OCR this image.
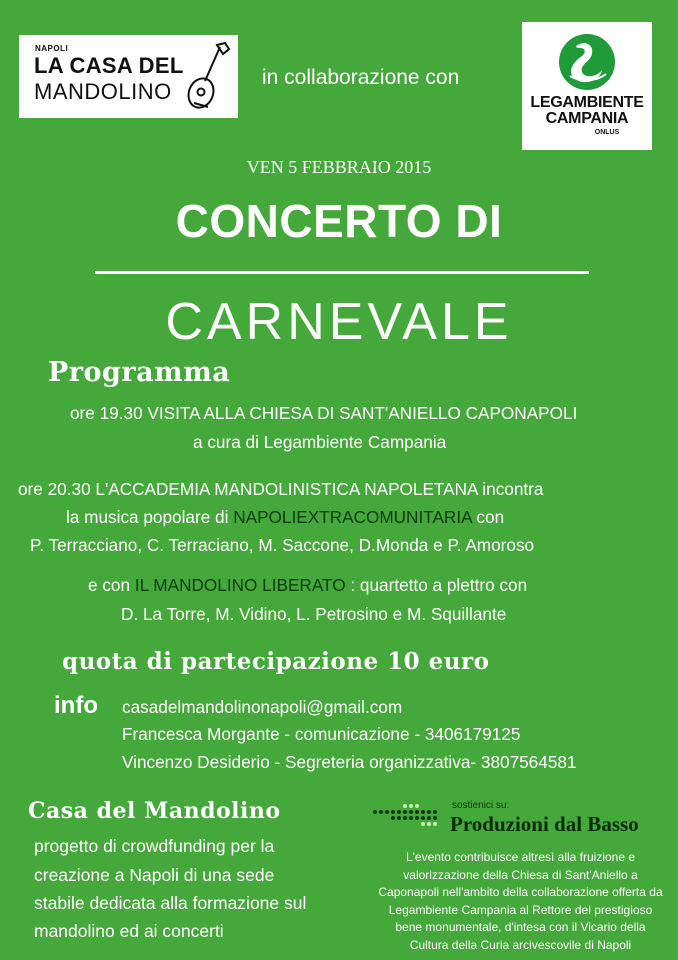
NAPOLI
LA CASA DEL
MANDOLINO
in collaborazione con
LEGAMBIENTE
CAMPANIA
ONLUS
VEN 5 FEBBRAIO 2015
CONCERTO DI
CARNEVALE
Programma
ore 19.30 VISITA ALLA CHIESA DI SANT'ANIELLO CAPONAPOLI
a cura di Legambiente Campania
ore 20.30 L'ACCADEMIA MANDOLINISTICA NAPOLETANA incontra
la musica popolare di NAPOLIEXTRACOMUNITARIA con
P. Terracciano, C. Terraciano, M. Saccone, D.Monda e P. Amoroso
e con IL MANDOLINO LIBERATO : quartetto a plettro con
D. La Torre, M. Vidino, L. Petrosino e M. Squillante
quota di partecipazione 10 euro
info casadelmandolinonapoli@gmail.com
Francesca Morgante - comunicazione - 3406179125
Vincenzo Desiderio - Segreteria organizzativa- 3807564581
Casa del Mandolino
progetto di crowdfunding per la
creazione a Napoli di una sede
stabile dedicata alla formazione sul
mandolino ed ai concerti
sostienici su:
Produzioni dal Basso
L'evento contribuisce altresì alla fruizione e
valorizzazione della Chiesa di Sant'Aniello a
Caponapoli nell'ambito della collaborazione offerta da
Legambiente Campania al Rettore del prestigioso
bene monumentale, d'intesa con il Vicario della
Cultura della Curia arcivescovile di Napoli
